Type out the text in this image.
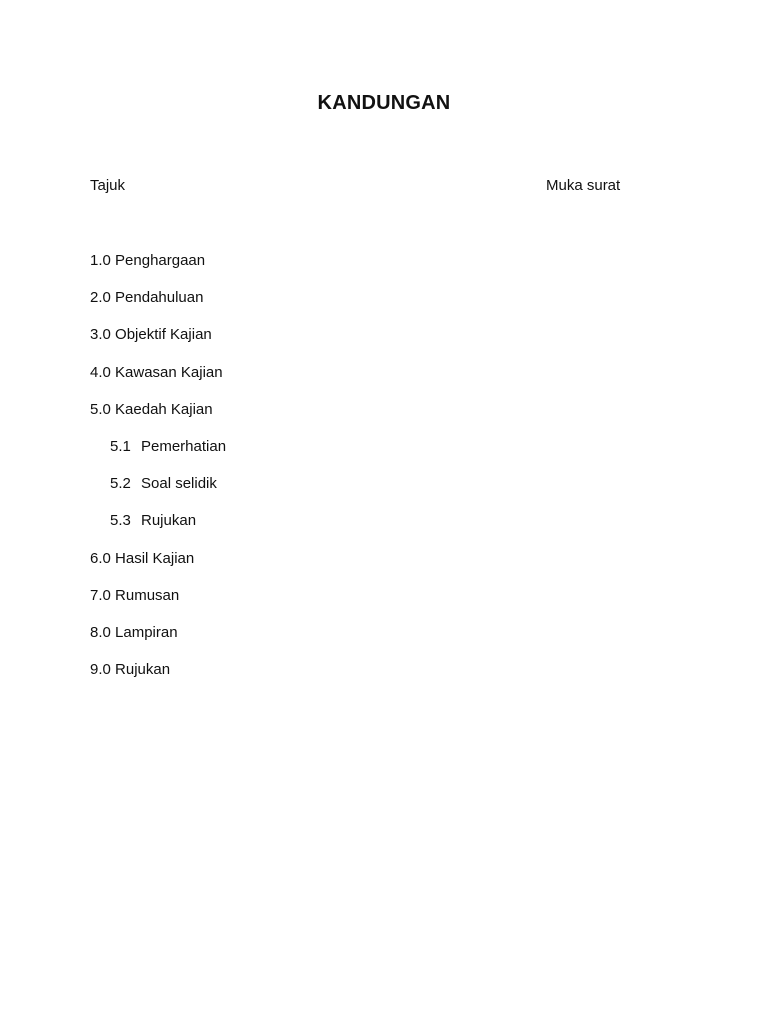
KANDUNGAN
Tajuk	Muka surat
1.0 Penghargaan
2.0 Pendahuluan
3.0 Objektif Kajian
4.0 Kawasan Kajian
5.0 Kaedah Kajian
5.1 Pemerhatian
5.2 Soal selidik
5.3 Rujukan
6.0 Hasil Kajian
7.0 Rumusan
8.0 Lampiran
9.0 Rujukan
